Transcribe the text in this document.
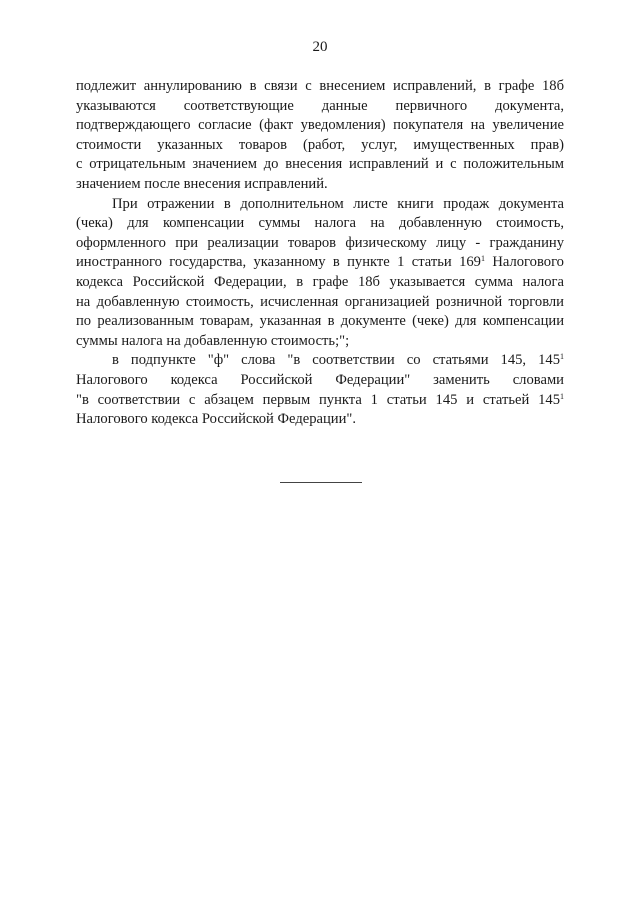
20

подлежит аннулированию в связи с внесением исправлений, в графе 18б
указываются соответствующие данные первичного документа,
подтверждающего согласие (факт уведомления) покупателя на увеличение
стоимости указанных товаров (работ, услуг, имущественных прав)
с отрицательным значением до внесения исправлений и с положительным
значением после внесения исправлений.

При отражении в дополнительном листе книги продаж документа
(чека) для компенсации суммы налога на добавленную стоимость,
оформленного при реализации товаров физическому лицу - гражданину
иностранного государства, указанному в пункте 1 статьи $169^1$ Налогового
кодекса Российской Федерации, в графе 18б указывается сумма налога
на добавленную стоимость, исчисленная организацией розничной торговли
по реализованным товарам, указанная в документе (чеке) для компенсации
суммы налога на добавленную стоимость;";

в подпункте "ф" слова "в соответствии со статьями 145, $145^1$
Налогового кодекса Российской Федерации" заменить словами
"в соответствии с абзацем первым пункта 1 статьи 145 и статьей $145^1$
Налогового кодекса Российской Федерации".
